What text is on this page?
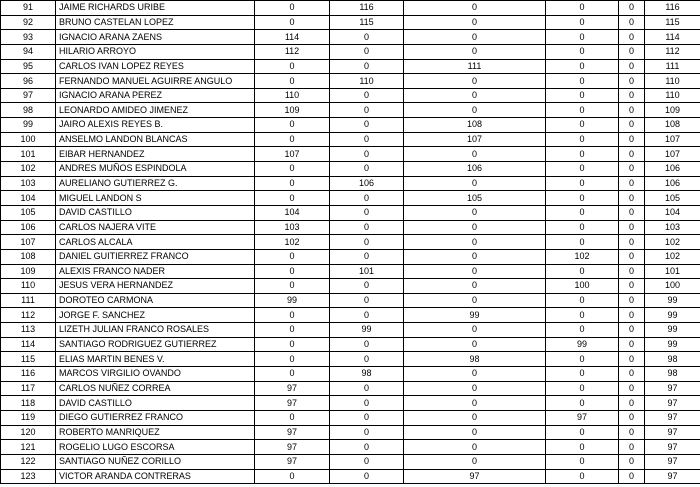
91	JAIME RICHARDS URIBE	0	116	0	0	0	116
92	BRUNO CASTELAN LOPEZ	0	115	0	0	0	115
93	IGNACIO ARANA ZAENS	114	0	0	0	0	114
94	HILARIO ARROYO	112	0	0	0	0	112
95	CARLOS IVAN LOPEZ REYES	0	0	111	0	0	111
96	FERNANDO MANUEL AGUIRRE ANGULO	0	110	0	0	0	110
97	IGNACIO ARANA PEREZ	110	0	0	0	0	110
98	LEONARDO AMIDEO JIMENEZ	109	0	0	0	0	109
99	JAIRO ALEXIS REYES B.	0	0	108	0	0	108
100	ANSELMO LANDON BLANCAS	0	0	107	0	0	107
101	EIBAR HERNANDEZ	107	0	0	0	0	107
102	ANDRES MUÑOS ESPINDOLA	0	0	106	0	0	106
103	AURELIANO GUTIERREZ G.	0	106	0	0	0	106
104	MIGUEL LANDON S	0	0	105	0	0	105
105	DAVID CASTILLO	104	0	0	0	0	104
106	CARLOS NAJERA VITE	103	0	0	0	0	103
107	CARLOS ALCALA	102	0	0	0	0	102
108	DANIEL GUITIERREZ FRANCO	0	0	0	102	0	102
109	ALEXIS FRANCO NADER	0	101	0	0	0	101
110	JESUS VERA HERNANDEZ	0	0	0	100	0	100
111	DOROTEO CARMONA	99	0	0	0	0	99
112	JORGE F. SANCHEZ	0	0	99	0	0	99
113	LIZETH JULIAN FRANCO ROSALES	0	99	0	0	0	99
114	SANTIAGO RODRIGUEZ GUTIERREZ	0	0	0	99	0	99
115	ELIAS MARTIN BENES V.	0	0	98	0	0	98
116	MARCOS VIRGILIO OVANDO	0	98	0	0	0	98
117	CARLOS NUÑEZ CORREA	97	0	0	0	0	97
118	DAVID CASTILLO	97	0	0	0	0	97
119	DIEGO GUTIERREZ FRANCO	0	0	0	97	0	97
120	ROBERTO MANRIQUEZ	97	0	0	0	0	97
121	ROGELIO LUGO ESCORSA	97	0	0	0	0	97
122	SANTIAGO NUÑEZ CORILLO	97	0	0	0	0	97
123	VICTOR ARANDA CONTRERAS	0	0	97	0	0	97
